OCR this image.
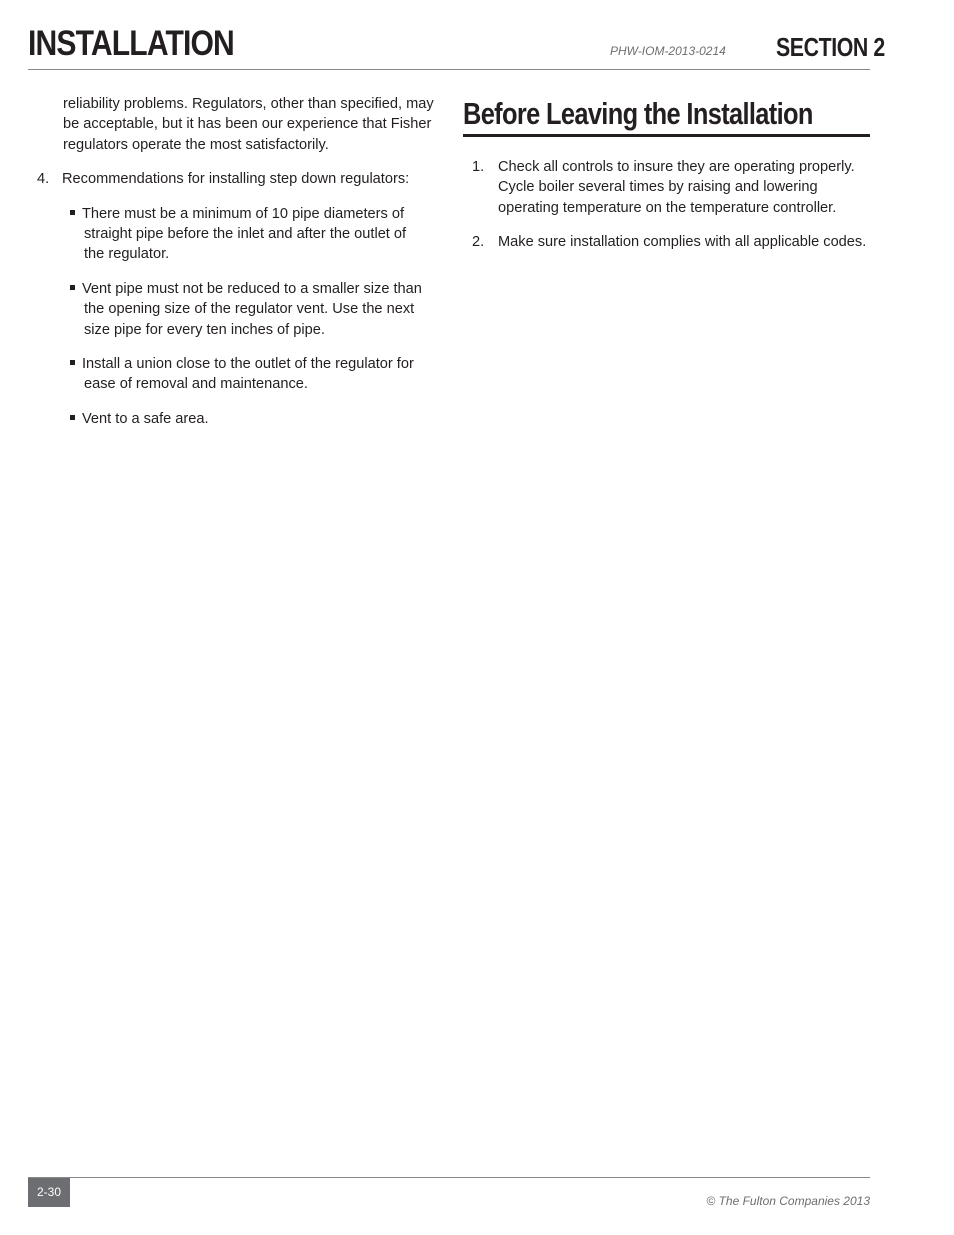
INSTALLATION	PHW-IOM-2013-0214 SECTION 2

reliability problems. Regulators, other than specified, may be acceptable, but it has been our experience that Fisher regulators operate the most satisfactorily.

4. Recommendations for installing step down regulators:
There must be a minimum of 10 pipe diameters of straight pipe before the inlet and after the outlet of the regulator.
Vent pipe must not be reduced to a smaller size than the opening size of the regulator vent. Use the next size pipe for every ten inches of pipe.
Install a union close to the outlet of the regulator for ease of removal and maintenance.
Vent to a safe area.
Before Leaving the Installation
1. Check all controls to insure they are operating properly. Cycle boiler several times by raising and lowering operating temperature on the temperature controller.
2. Make sure installation complies with all applicable codes.
2-30
© The Fulton Companies 2013
